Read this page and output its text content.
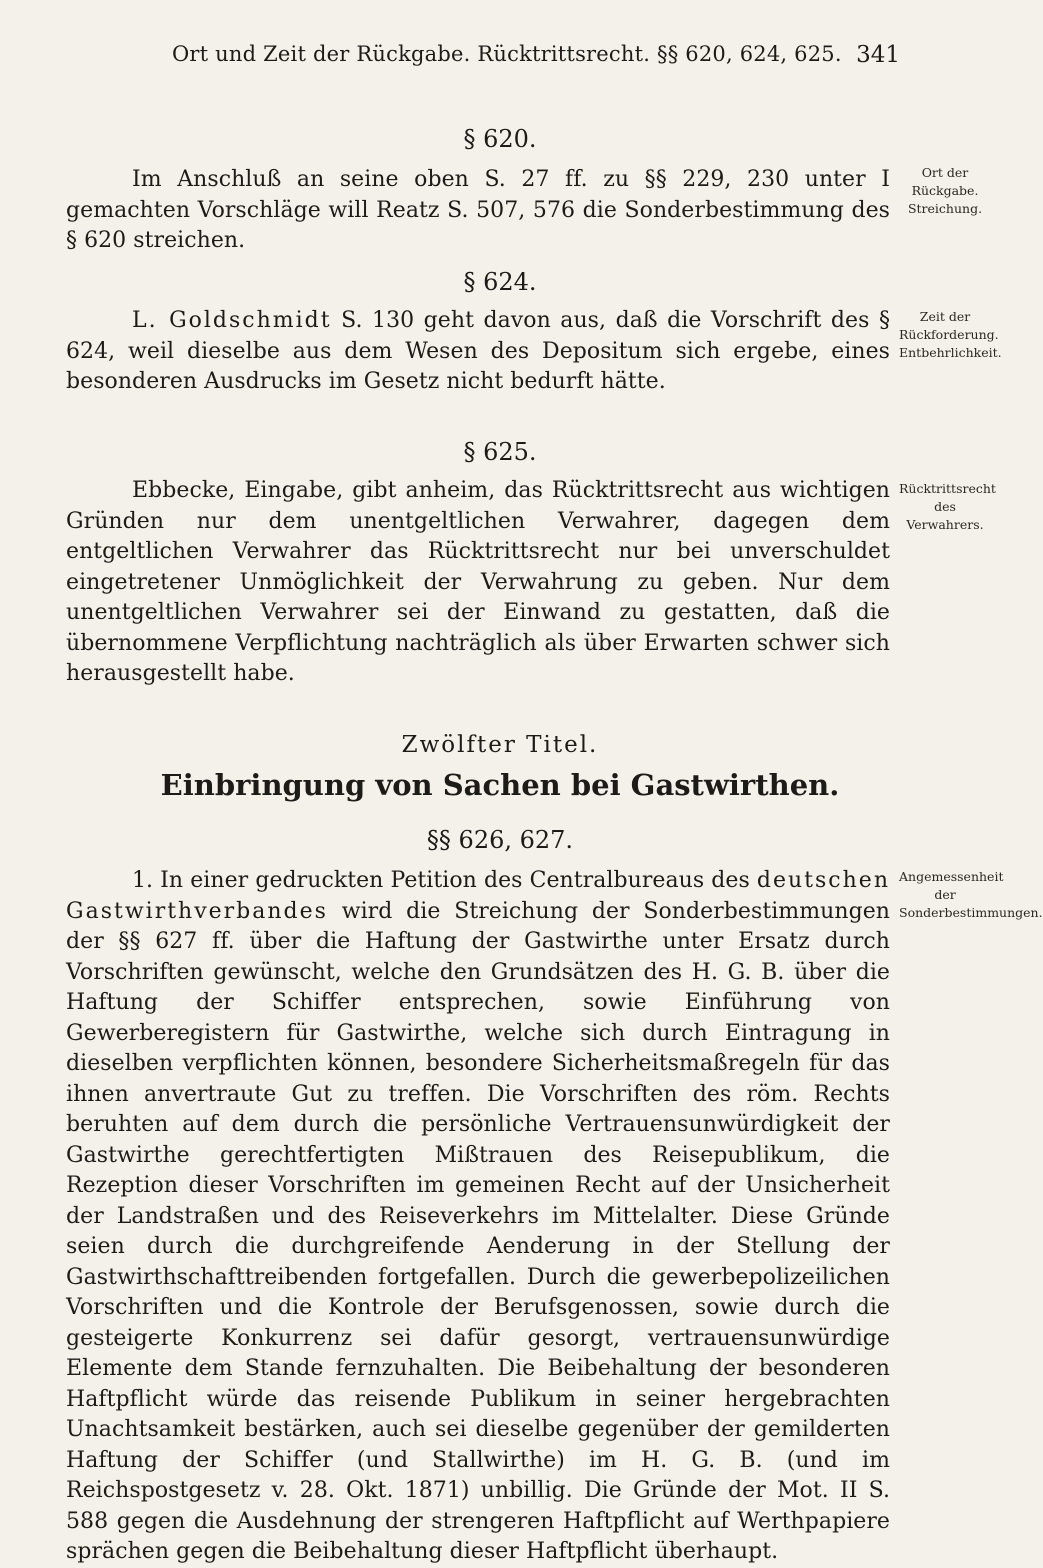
Ort und Zeit der Rückgabe. Rücktrittsrecht. §§ 620, 624, 625. 341
§ 620.

Im Anschluß an seine oben S. 27 ff. zu §§ 229, 230 unter I gemachten Vorschläge will Reatz S. 507, 576 die Sonderbestimmung des § 620 streichen.

Ort der Rückgabe. Streichung.
§ 624.

L. Goldschmidt S. 130 geht davon aus, daß die Vorschrift des § 624, weil dieselbe aus dem Wesen des Depositum sich ergebe, eines besonderen Ausdrucks im Gesetz nicht bedurft hätte.

Zeit der Rückforderung. Entbehrlichkeit.
§ 625.

Ebbecke, Eingabe, gibt anheim, das Rücktrittsrecht aus wichtigen Gründen nur dem unentgeltlichen Verwahrer, dagegen dem entgeltlichen Verwahrer das Rücktrittsrecht nur bei unverschuldet eingetretener Unmöglichkeit der Verwahrung zu geben. Nur dem unentgeltlichen Verwahrer sei der Einwand zu gestatten, daß die übernommene Verpflichtung nachträglich als über Erwarten schwer sich herausgestellt habe.

Rücktrittsrecht des Verwahrers.
Zwölfter Titel.
Einbringung von Sachen bei Gastwirthen.
§§ 626, 627.

1. In einer gedruckten Petition des Centralbureaus des deutschen Gastwirthverbandes wird die Streichung der Sonderbestimmungen der §§ 627 ff. über die Haftung der Gastwirthe unter Ersatz durch Vorschriften gewünscht, welche den Grundsätzen des H. G. B. über die Haftung der Schiffer entsprechen, sowie Einführung von Gewerberegistern für Gastwirthe, welche sich durch Eintragung in dieselben verpflichten können, besondere Sicherheitsmaßregeln für das ihnen anvertraute Gut zu treffen. Die Vorschriften des röm. Rechts beruhten auf dem durch die persönliche Vertrauensunwürdigkeit der Gastwirthe gerechtfertigten Mißtrauen des Reisepublikum, die Rezeption dieser Vorschriften im gemeinen Recht auf der Unsicherheit der Landstraßen und des Reiseverkehrs im Mittelalter. Diese Gründe seien durch die durchgreifende Aenderung in der Stellung der Gastwirthschafttreibenden fortgefallen. Durch die gewerbepolizeilichen Vorschriften und die Kontrole der Berufsgenossen, sowie durch die gesteigerte Konkurrenz sei dafür gesorgt, vertrauensunwürdige Elemente dem Stande fernzuhalten. Die Beibehaltung der besonderen Haftpflicht würde das reisende Publikum in seiner hergebrachten Unachtsamkeit bestärken, auch sei dieselbe gegenüber der gemilderten Haftung der Schiffer (und Stallwirthe) im H. G. B. (und im Reichspostgesetz v. 28. Okt. 1871) unbillig. Die Gründe der Mot. II S. 588 gegen die Ausdehnung der strengeren Haftpflicht auf Werthpapiere sprächen gegen die Beibehaltung dieser Haftpflicht überhaupt.

Angemessenheit der Sonderbestimmungen.
